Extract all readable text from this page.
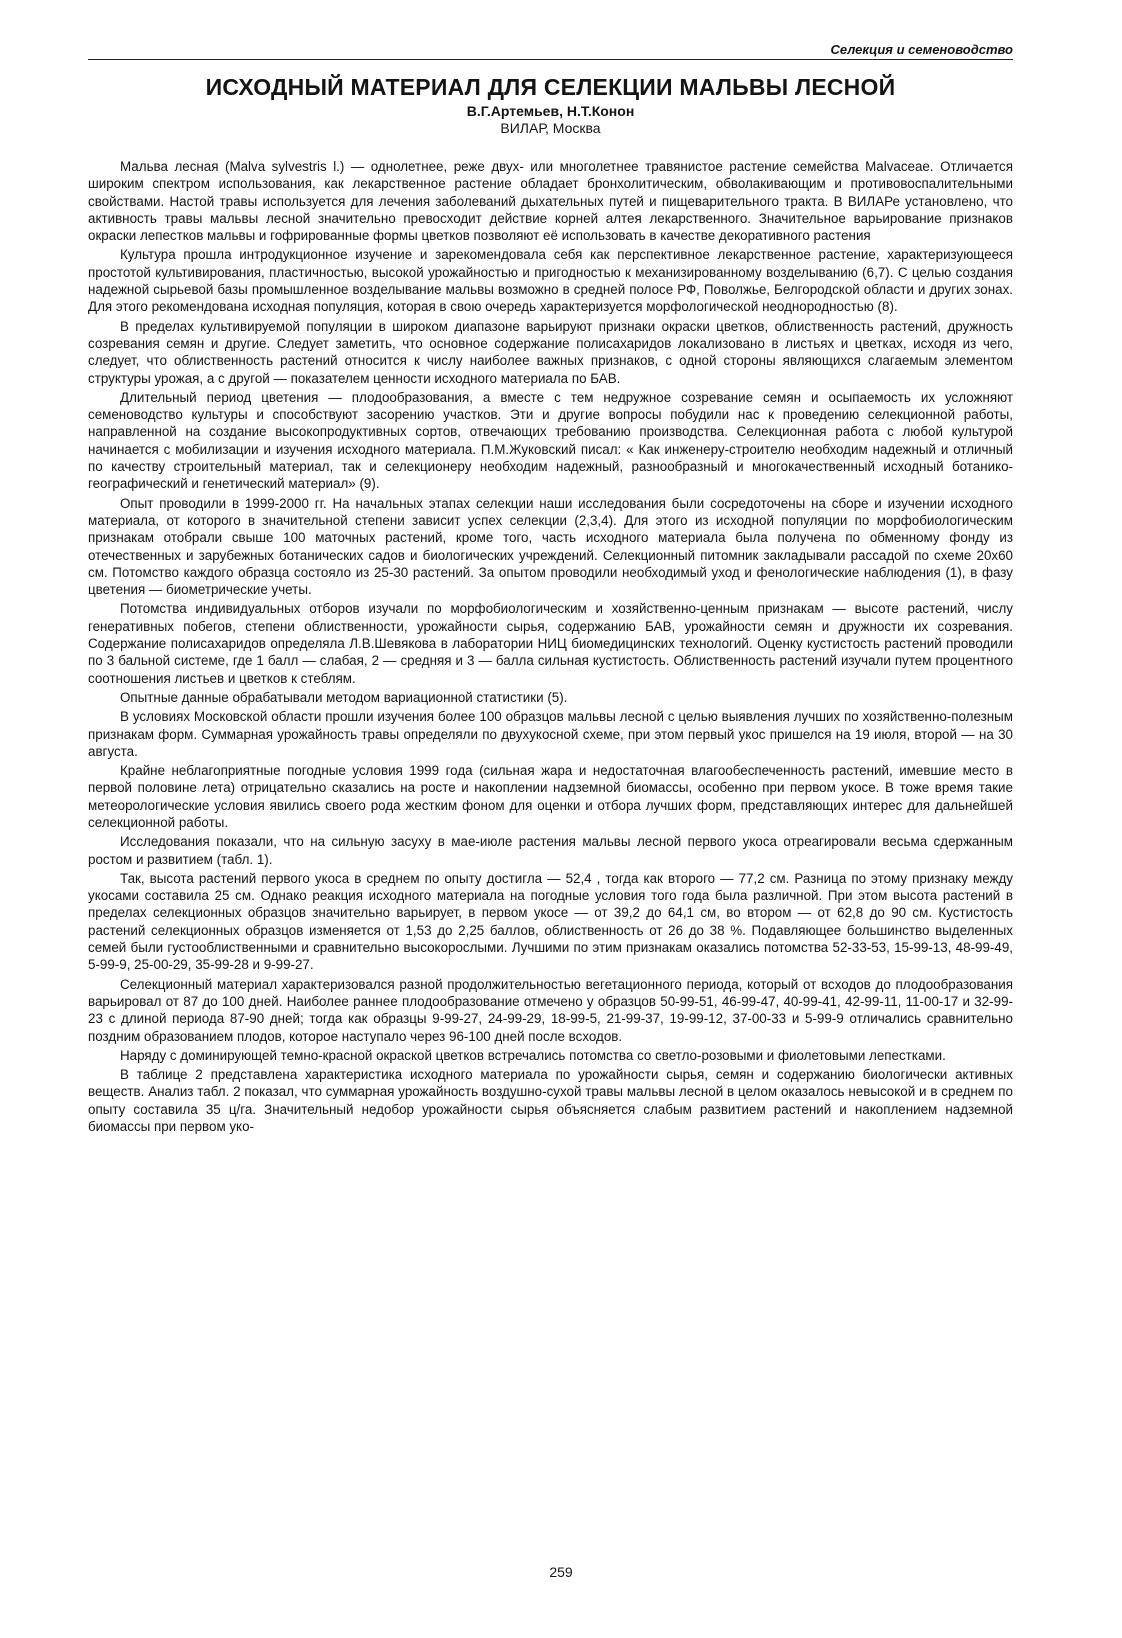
Селекция и семеноводство
ИСХОДНЫЙ МАТЕРИАЛ ДЛЯ СЕЛЕКЦИИ МАЛЬВЫ ЛЕСНОЙ
В.Г.Артемьев, Н.Т.Конон
ВИЛАР, Москва

Мальва лесная (Malva sylvestris l.) — однолетнее, реже двух- или многолетнее травянистое растение семейства Malvaceae. Отличается широким спектром использования, как лекарственное растение обладает бронхолитическим, обволакивающим и противовоспалительными свойствами. Настой травы используется для лечения заболеваний дыхательных путей и пищеварительного тракта. В ВИЛАРе установлено, что активность травы мальвы лесной значительно превосходит действие корней алтея лекарственного. Значительное варьирование признаков окраски лепестков мальвы и гофрированные формы цветков позволяют её использовать в качестве декоративного растения

Культура прошла интродукционное изучение и зарекомендовала себя как перспективное лекарственное растение, характеризующееся простотой культивирования, пластичностью, высокой урожайностью и пригодностью к механизированному возделыванию (6,7). С целью создания надежной сырьевой базы промышленное возделывание мальвы возможно в средней полосе РФ, Поволжье, Белгородской области и других зонах. Для этого рекомендована исходная популяция, которая в свою очередь характеризуется морфологической неоднородностью (8).

В пределах культивируемой популяции в широком диапазоне варьируют признаки окраски цветков, облиственность растений, дружность созревания семян и другие. Следует заметить, что основное содержание полисахаридов локализовано в листьях и цветках, исходя из чего, следует, что облиственность растений относится к числу наиболее важных признаков, с одной стороны являющихся слагаемым элементом структуры урожая, а с другой — показателем ценности исходного материала по БАВ.

Длительный период цветения — плодообразования, а вместе с тем недружное созревание семян и осыпаемость их усложняют семеноводство культуры и способствуют засорению участков. Эти и другие вопросы побудили нас к проведению селекционной работы, направленной на создание высокопродуктивных сортов, отвечающих требованию производства. Селекционная работа с любой культурой начинается с мобилизации и изучения исходного материала. П.М.Жуковский писал: « Как инженеру-строителю необходим надежный и отличный по качеству строительный материал, так и селекционеру необходим надежный, разнообразный и многокачественный исходный ботанико-географический и генетический материал» (9).

Опыт проводили в 1999-2000 гг. На начальных этапах селекции наши исследования были сосредоточены на сборе и изучении исходного материала, от которого в значительной степени зависит успех селекции (2,3,4). Для этого из исходной популяции по морфобиологическим признакам отобрали свыше 100 маточных растений, кроме того, часть исходного материала была получена по обменному фонду из отечественных и зарубежных ботанических садов и биологических учреждений. Селекционный питомник закладывали рассадой по схеме 20х60 см. Потомство каждого образца состояло из 25-30 растений. За опытом проводили необходимый уход и фенологические наблюдения (1), в фазу цветения — биометрические учеты.

Потомства индивидуальных отборов изучали по морфобиологическим и хозяйственно-ценным признакам — высоте растений, числу генеративных побегов, степени облиственности, урожайности сырья, содержанию БАВ, урожайности семян и дружности их созревания. Содержание полисахаридов определяла Л.В.Шевякова в лаборатории НИЦ биомедицинских технологий. Оценку кустистость растений проводили по 3 бальной системе, где 1 балл — слабая, 2 — средняя и 3 — балла сильная кустистость. Облиственность растений изучали путем процентного соотношения листьев и цветков к стеблям.

Опытные данные обрабатывали методом вариационной статистики (5).

В условиях Московской области прошли изучения более 100 образцов мальвы лесной с целью выявления лучших по хозяйственно-полезным признакам форм. Суммарная урожайность травы определяли по двухукосной схеме, при этом первый укос пришелся на 19 июля, второй — на 30 августа.

Крайне неблагоприятные погодные условия 1999 года (сильная жара и недостаточная влагообеспеченность растений, имевшие место в первой половине лета) отрицательно сказались на росте и накоплении надземной биомассы, особенно при первом укосе. В тоже время такие метеорологические условия явились своего рода жестким фоном для оценки и отбора лучших форм, представляющих интерес для дальнейшей селекционной работы.

Исследования показали, что на сильную засуху в мае-июле растения мальвы лесной первого укоса отреагировали весьма сдержанным ростом и развитием (табл. 1).

Так, высота растений первого укоса в среднем по опыту достигла — 52,4 , тогда как второго — 77,2 см. Разница по этому признаку между укосами составила 25 см. Однако реакция исходного материала на погодные условия того года была различной. При этом высота растений в пределах селекционных образцов значительно варьирует, в первом укосе — от 39,2 до 64,1 см, во втором — от 62,8 до 90 см. Кустистость растений селекционных образцов изменяется от 1,53 до 2,25 баллов, облиственность от 26 до 38 %. Подавляющее большинство выделенных семей были густооблиственными и сравнительно высокорослыми. Лучшими по этим признакам оказались потомства 52-33-53, 15-99-13, 48-99-49, 5-99-9, 25-00-29, 35-99-28 и 9-99-27.

Селекционный материал характеризовался разной продолжительностью вегетационного периода, который от всходов до плодообразования варьировал от 87 до 100 дней. Наиболее раннее плодообразование отмечено у образцов 50-99-51, 46-99-47, 40-99-41, 42-99-11, 11-00-17 и 32-99-23 с длиной периода 87-90 дней; тогда как образцы 9-99-27, 24-99-29, 18-99-5, 21-99-37, 19-99-12, 37-00-33 и 5-99-9 отличались сравнительно поздним образованием плодов, которое наступало через 96-100 дней после всходов.

Наряду с доминирующей темно-красной окраской цветков встречались потомства со светло-розовыми и фиолетовыми лепестками.

В таблице 2 представлена характеристика исходного материала по урожайности сырья, семян и содержанию биологически активных веществ. Анализ табл. 2 показал, что суммарная урожайность воздушно-сухой травы мальвы лесной в целом оказалось невысокой и в среднем по опыту составила 35 ц/га. Значительный недобор урожайности сырья объясняется слабым развитием растений и накоплением надземной биомассы при первом уко-

259
